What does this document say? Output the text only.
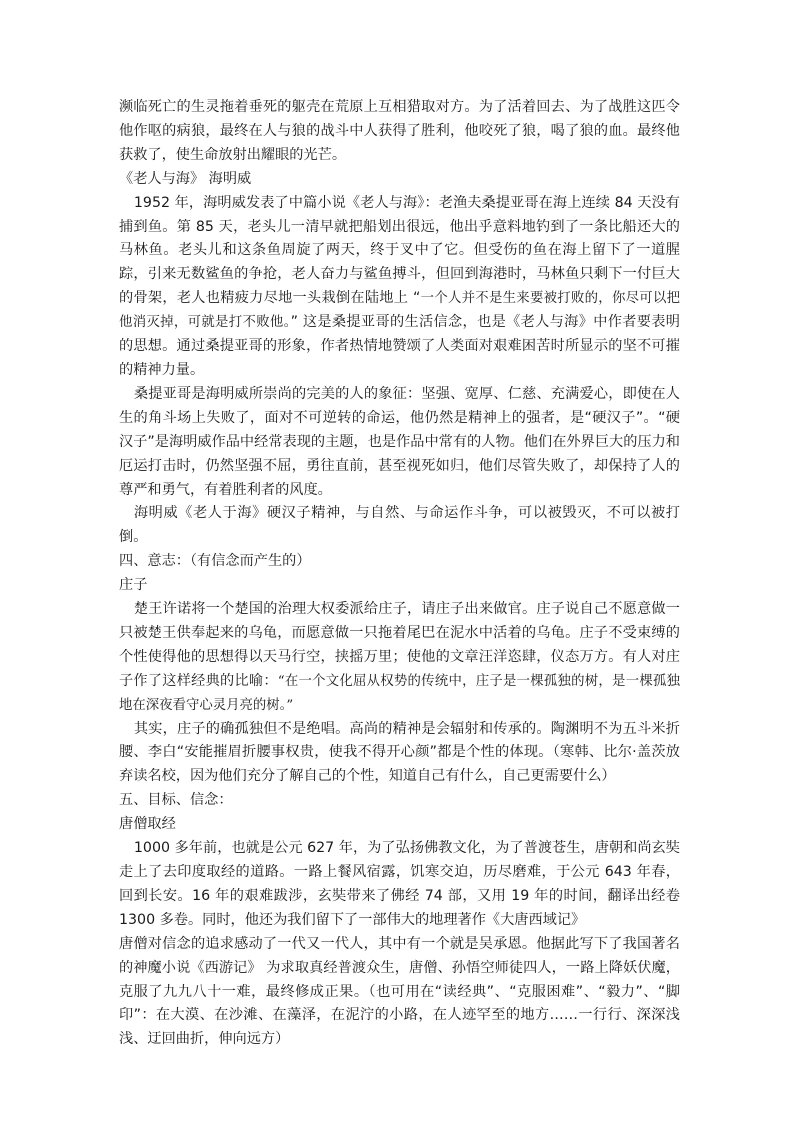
濒临死亡的生灵拖着垂死的躯壳在荒原上互相猎取对方。为了活着回去、为了战胜这匹令他作呕的病狼，最终在人与狼的战斗中人获得了胜利，他咬死了狼，喝了狼的血。最终他获救了，使生命放射出耀眼的光芒。

《老人与海》 海明威

1952 年，海明威发表了中篇小说《老人与海》：老渔夫桑提亚哥在海上连续 84 天没有捕到鱼。第 85 天，老头儿一清早就把船划出很远，他出乎意料地钓到了一条比船还大的马林鱼。老头儿和这条鱼周旋了两天，终于叉中了它。但受伤的鱼在海上留下了一道腥踪，引来无数鲨鱼的争抢，老人奋力与鲨鱼搏斗，但回到海港时，马林鱼只剩下一付巨大的骨架，老人也精疲力尽地一头栽倒在陆地上 “一个人并不是生来要被打败的，你尽可以把他消灭掉，可就是打不败他。” 这是桑提亚哥的生活信念，也是《老人与海》中作者要表明的思想。通过桑提亚哥的形象，作者热情地赞颂了人类面对艰难困苦时所显示的坚不可摧的精神力量。

桑提亚哥是海明威所崇尚的完美的人的象征：坚强、宽厚、仁慈、充满爱心，即使在人生的角斗场上失败了，面对不可逆转的命运，他仍然是精神上的强者，是“硬汉子”。“硬汉子”是海明威作品中经常表现的主题，也是作品中常有的人物。他们在外界巨大的压力和厄运打击时，仍然坚强不屈，勇往直前，甚至视死如归，他们尽管失败了，却保持了人的尊严和勇气，有着胜利者的风度。

海明威《老人于海》硬汉子精神，与自然、与命运作斗争，可以被毁灭，不可以被打倒。

四、意志：（有信念而产生的）

庄子

楚王许诺将一个楚国的治理大权委派给庄子，请庄子出来做官。庄子说自己不愿意做一只被楚王供奉起来的乌龟，而愿意做一只拖着尾巴在泥水中活着的乌龟。庄子不受束缚的个性使得他的思想得以天马行空，挟摇万里；使他的文章汪洋恣肆，仪态万方。有人对庄子作了这样经典的比喻：“在一个文化屈从权势的传统中，庄子是一棵孤独的树，是一棵孤独地在深夜看守心灵月亮的树。”

其实，庄子的确孤独但不是绝唱。高尚的精神是会辐射和传承的。陶渊明不为五斗米折腰、李白“安能摧眉折腰事权贵，使我不得开心颜”都是个性的体现。（寒韩、比尔·盖茨放弃读名校，因为他们充分了解自己的个性，知道自己有什么，自己更需要什么）

五、目标、信念：

唐僧取经

1000 多年前，也就是公元 627 年，为了弘扬佛教文化，为了普渡苍生，唐朝和尚玄奘走上了去印度取经的道路。一路上餐风宿露，饥寒交迫，历尽磨难，于公元 643 年春，回到长安。16 年的艰难跋涉，玄奘带来了佛经 74 部，又用 19 年的时间，翻译出经卷 1300 多卷。同时，他还为我们留下了一部伟大的地理著作《大唐西域记》

唐僧对信念的追求感动了一代又一代人，其中有一个就是吴承恩。他据此写下了我国著名的神魔小说《西游记》 为求取真经普渡众生，唐僧、孙悟空师徒四人，一路上降妖伏魔，克服了九九八十一难，最终修成正果。（也可用在“读经典”、“克服困难”、“毅力”、“脚印”：在大漠、在沙滩、在藻泽，在泥泞的小路，在人迹罕至的地方……一行行、深深浅浅、迂回曲折，伸向远方）
